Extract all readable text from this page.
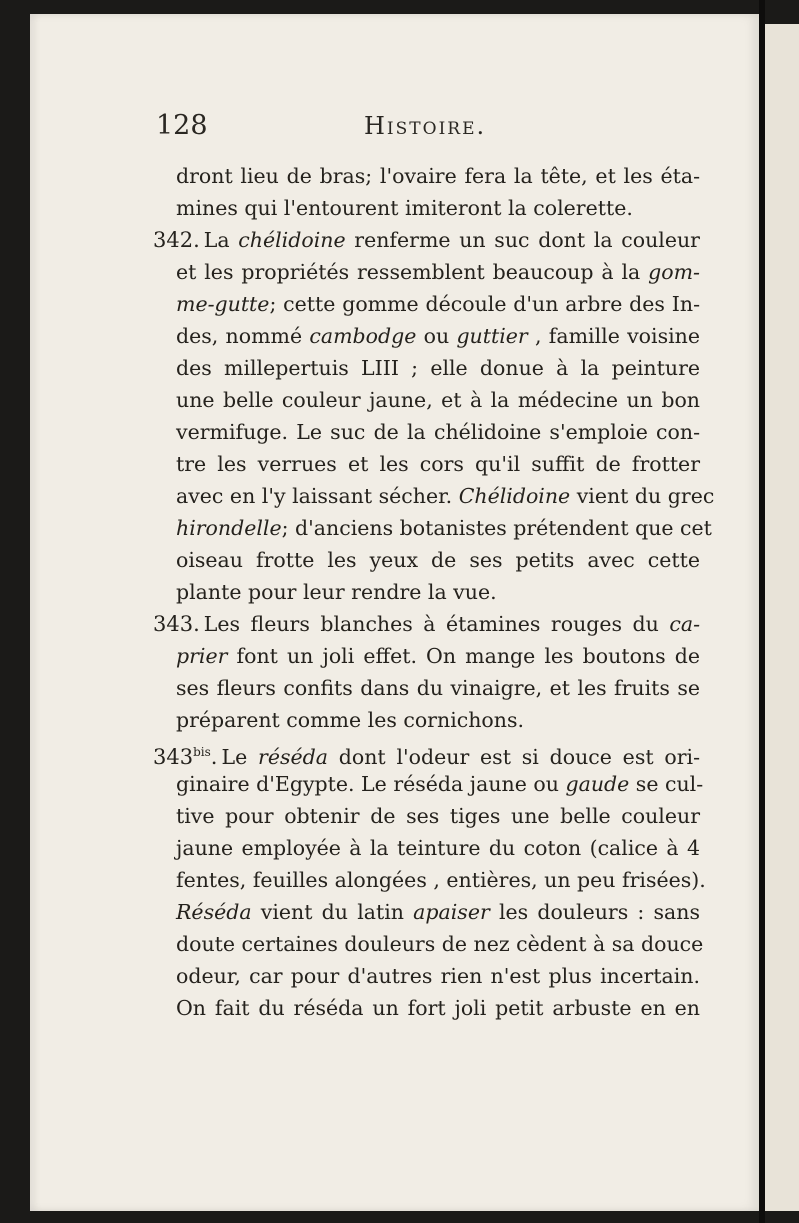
128	Histoire.
dront lieu de bras; l'ovaire fera la tête, et les éta-
mines qui l'entourent imiteront la colerette.
342. La chélidoine renferme un suc dont la couleur
et les propriétés ressemblent beaucoup à la gom-
me-gutte; cette gomme découle d'un arbre des In-
des, nommé cambodge ou guttier , famille voisine
des millepertuis LIII ; elle donue à la peinture
une belle couleur jaune, et à la médecine un bon
vermifuge. Le suc de la chélidoine s'emploie con-
tre les verrues et les cors qu'il suffit de frotter
avec en l'y laissant sécher. Chélidoine vient du grec
hirondelle; d'anciens botanistes prétendent que cet
oiseau frotte les yeux de ses petits avec cette
plante pour leur rendre la vue.
343. Les fleurs blanches à étamines rouges du ca-
prier font un joli effet. On mange les boutons de
ses fleurs confits dans du vinaigre, et les fruits se
préparent comme les cornichons.
$343^{bis}$. Le réséda dont l'odeur est si douce est ori-
ginaire d'Egypte. Le réséda jaune ou gaude se cul-
tive pour obtenir de ses tiges une belle couleur
jaune employée à la teinture du coton (calice à 4
fentes, feuilles alongées , entières, un peu frisées).
Réséda vient du latin apaiser les douleurs : sans
doute certaines douleurs de nez cèdent à sa douce
odeur, car pour d'autres rien n'est plus incertain.
On fait du réséda un fort joli petit arbuste en en
